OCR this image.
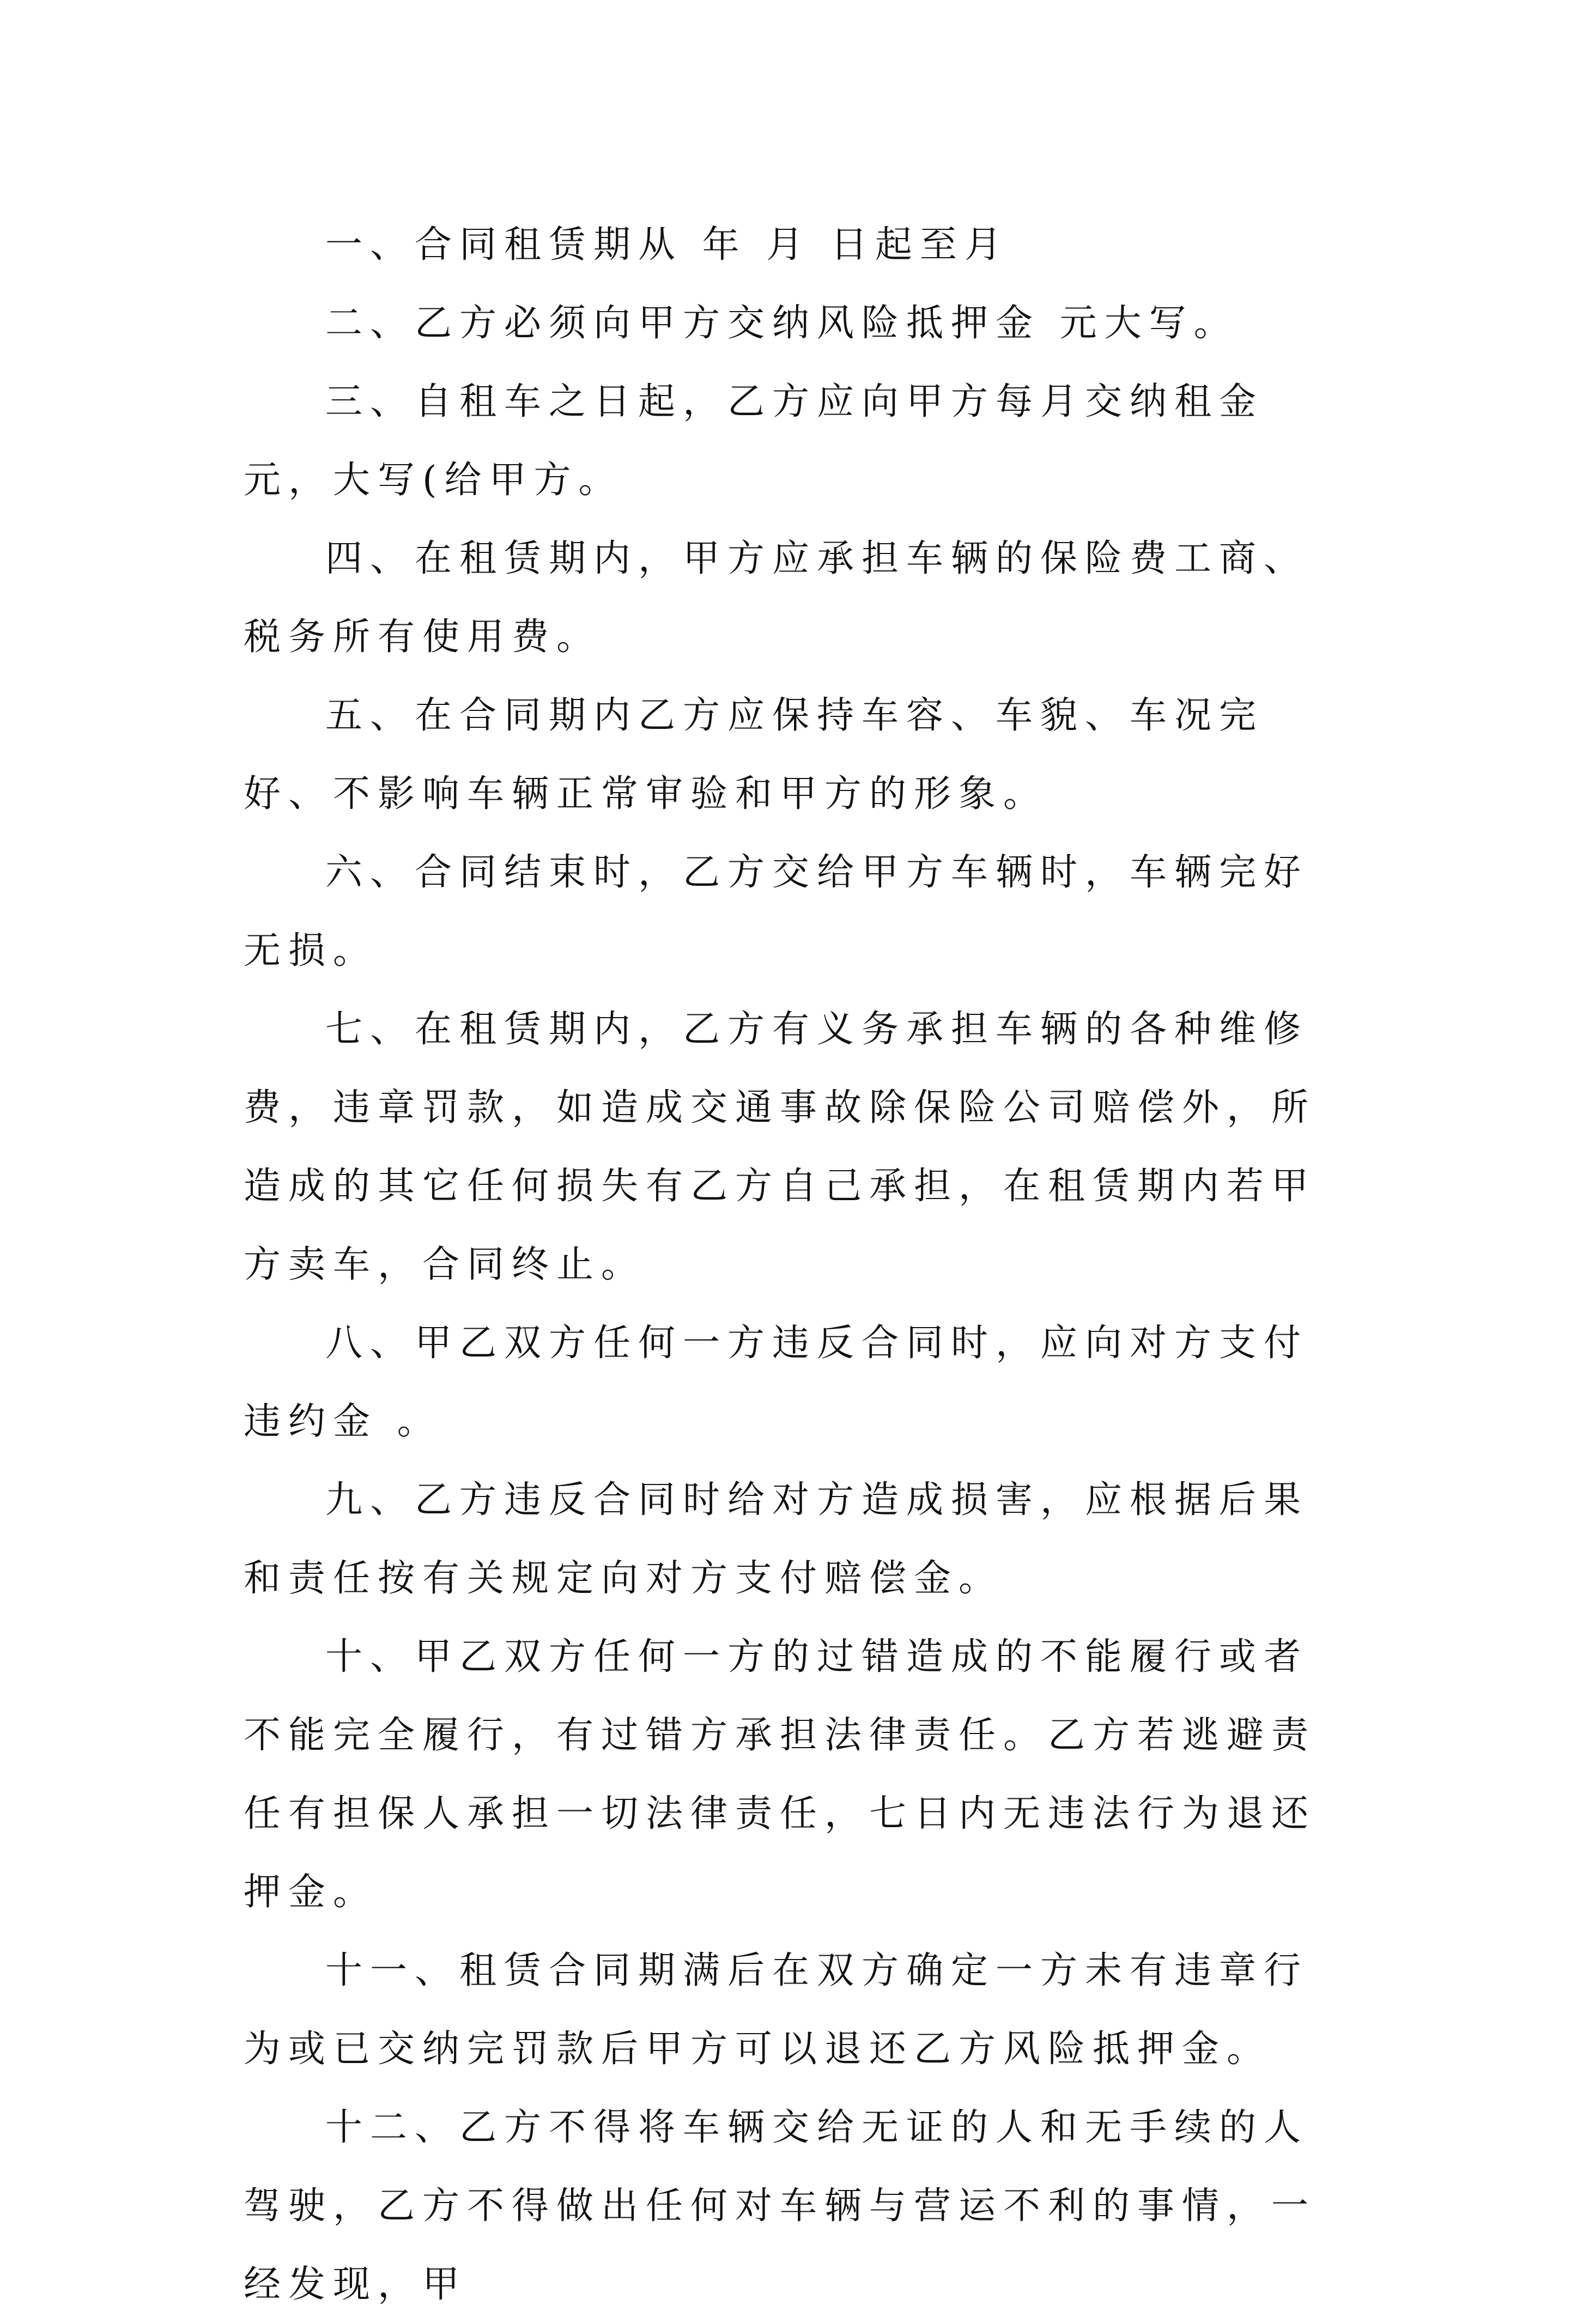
一、合同租赁期从 年 月 日起至月

二、乙方必须向甲方交纳风险抵押金 元大写。

三、自租车之日起，乙方应向甲方每月交纳租金 元，大写(给甲方。

四、在租赁期内，甲方应承担车辆的保险费工商、税务所有使用费。

五、在合同期内乙方应保持车容、车貌、车况完好、不影响车辆正常审验和甲方的形象。

六、合同结束时，乙方交给甲方车辆时，车辆完好无损。

七、在租赁期内，乙方有义务承担车辆的各种维修费，违章罚款，如造成交通事故除保险公司赔偿外，所造成的其它任何损失有乙方自己承担，在租赁期内若甲方卖车，合同终止。

八、甲乙双方任何一方违反合同时，应向对方支付违约金 。

九、乙方违反合同时给对方造成损害，应根据后果和责任按有关规定向对方支付赔偿金。

十、甲乙双方任何一方的过错造成的不能履行或者不能完全履行，有过错方承担法律责任。乙方若逃避责任有担保人承担一切法律责任，七日内无违法行为退还押金。

十一、租赁合同期满后在双方确定一方未有违章行为或已交纳完罚款后甲方可以退还乙方风险抵押金。

十二、乙方不得将车辆交给无证的人和无手续的人驾驶，乙方不得做出任何对车辆与营运不利的事情，一经发现，甲
